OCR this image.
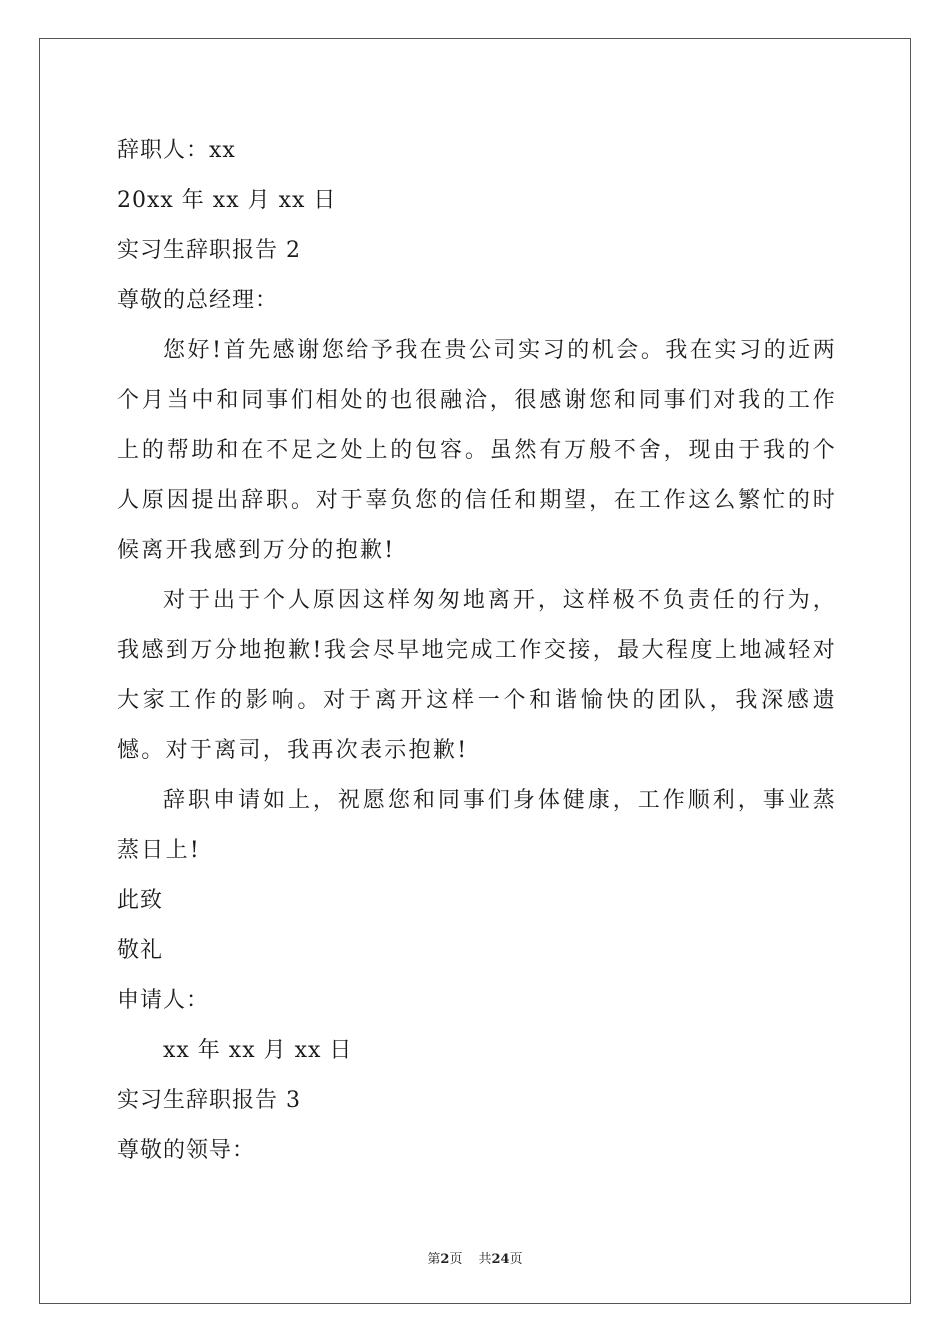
辞职人：xx
20xx 年 xx 月 xx 日
实习生辞职报告 2
尊敬的总经理：

您好!首先感谢您给予我在贵公司实习的机会。我在实习的近两个月当中和同事们相处的也很融洽，很感谢您和同事们对我的工作上的帮助和在不足之处上的包容。虽然有万般不舍，现由于我的个人原因提出辞职。对于辜负您的信任和期望，在工作这么繁忙的时候离开我感到万分的抱歉!

对于出于个人原因这样匆匆地离开，这样极不负责任的行为，我感到万分地抱歉!我会尽早地完成工作交接，最大程度上地减轻对大家工作的影响。对于离开这样一个和谐愉快的团队，我深感遗憾。对于离司，我再次表示抱歉!

辞职申请如上，祝愿您和同事们身体健康，工作顺利，事业蒸蒸日上!

此致
敬礼
申请人：
xx 年 xx 月 xx 日
实习生辞职报告 3
尊敬的领导：
第2页 共24页
